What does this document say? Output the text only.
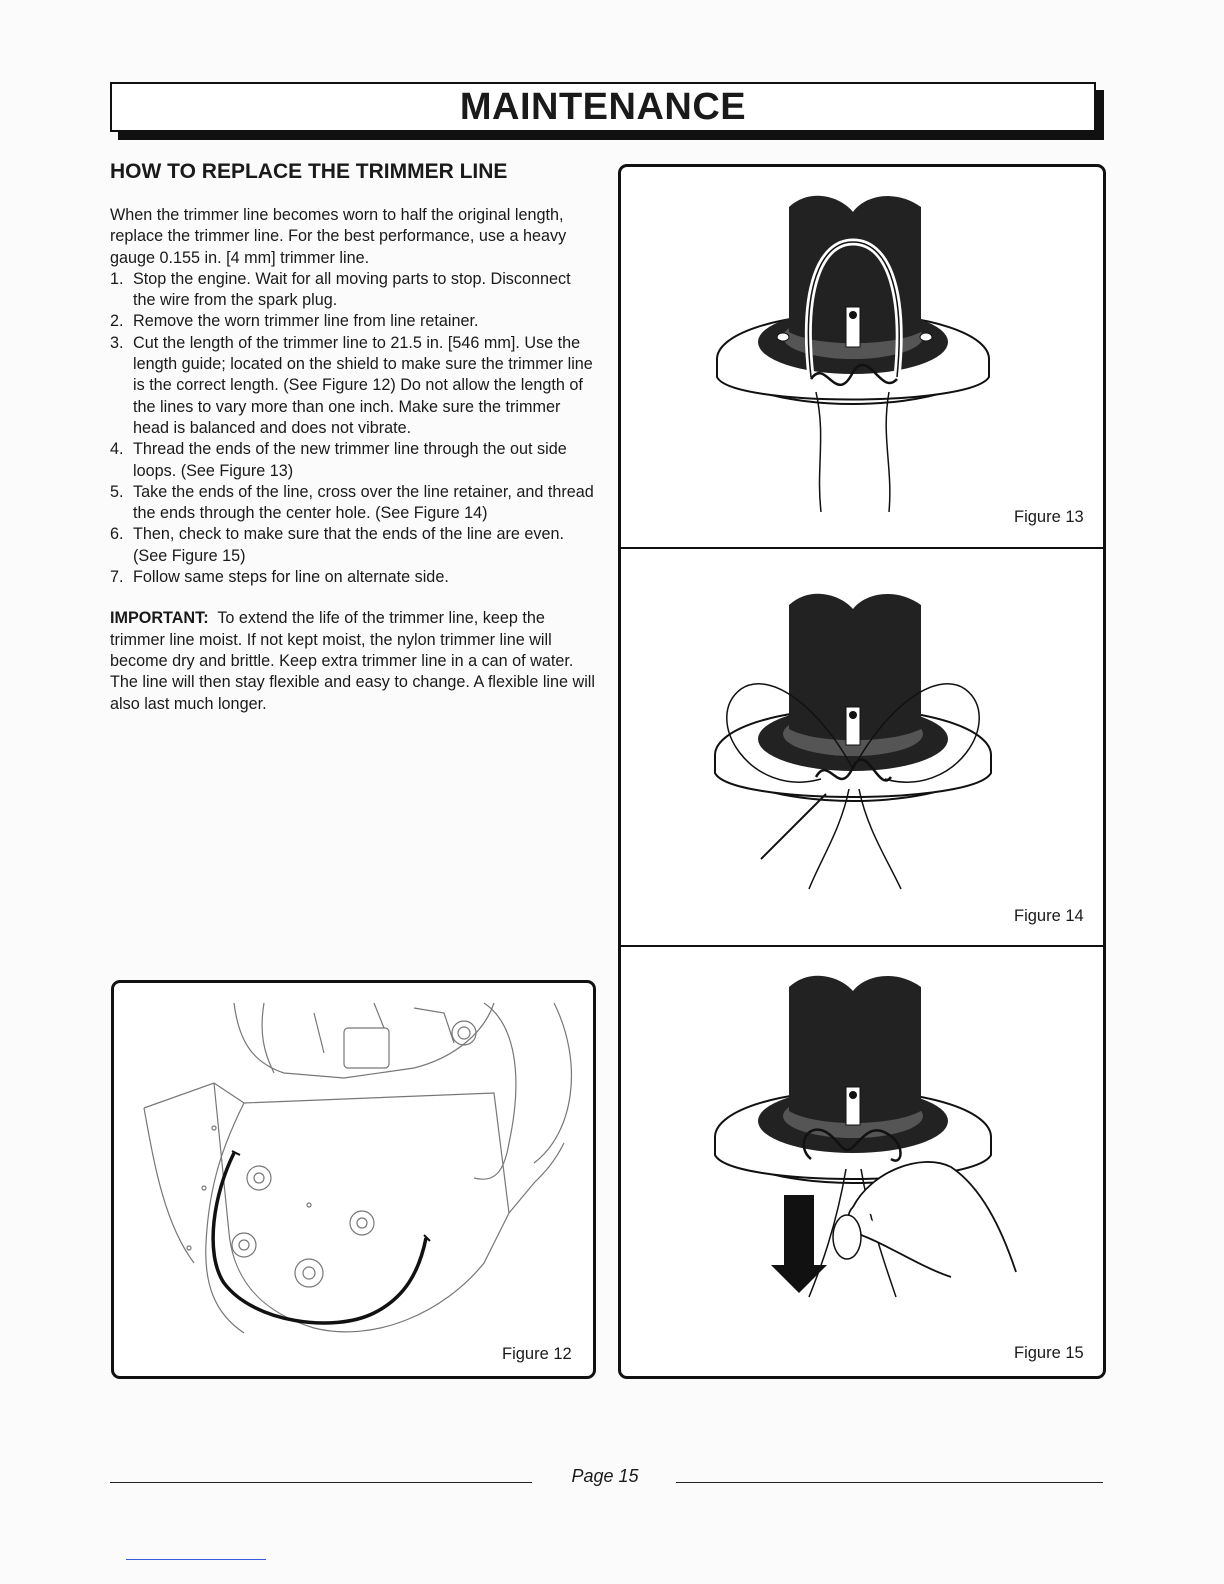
MAINTENANCE
HOW TO REPLACE THE TRIMMER LINE

When the trimmer line becomes worn to half the original length, replace the trimmer line. For the best performance, use a heavy gauge 0.155 in. [4 mm] trimmer line.

1. Stop the engine. Wait for all moving parts to stop. Disconnect the wire from the spark plug.
2. Remove the worn trimmer line from line retainer.
3. Cut the length of the trimmer line to 21.5 in. [546 mm]. Use the length guide; located on the shield to make sure the trimmer line is the correct length. (See Figure 12) Do not allow the length of the lines to vary more than one inch. Make sure the trimmer head is balanced and does not vibrate.
4. Thread the ends of the new trimmer line through the out side loops. (See Figure 13)
5. Take the ends of the line, cross over the line retainer, and thread the ends through the center hole. (See Figure 14)
6. Then, check to make sure that the ends of the line are even. (See Figure 15)
7. Follow same steps for line on alternate side.

IMPORTANT: To extend the life of the trimmer line, keep the trimmer line moist. If not kept moist, the nylon trimmer line will become dry and brittle. Keep extra trimmer line in a can of water. The line will then stay flexible and easy to change. A flexible line will also last much longer.

Figure 12
Figure 13
Figure 14
Figure 15
Page 15
